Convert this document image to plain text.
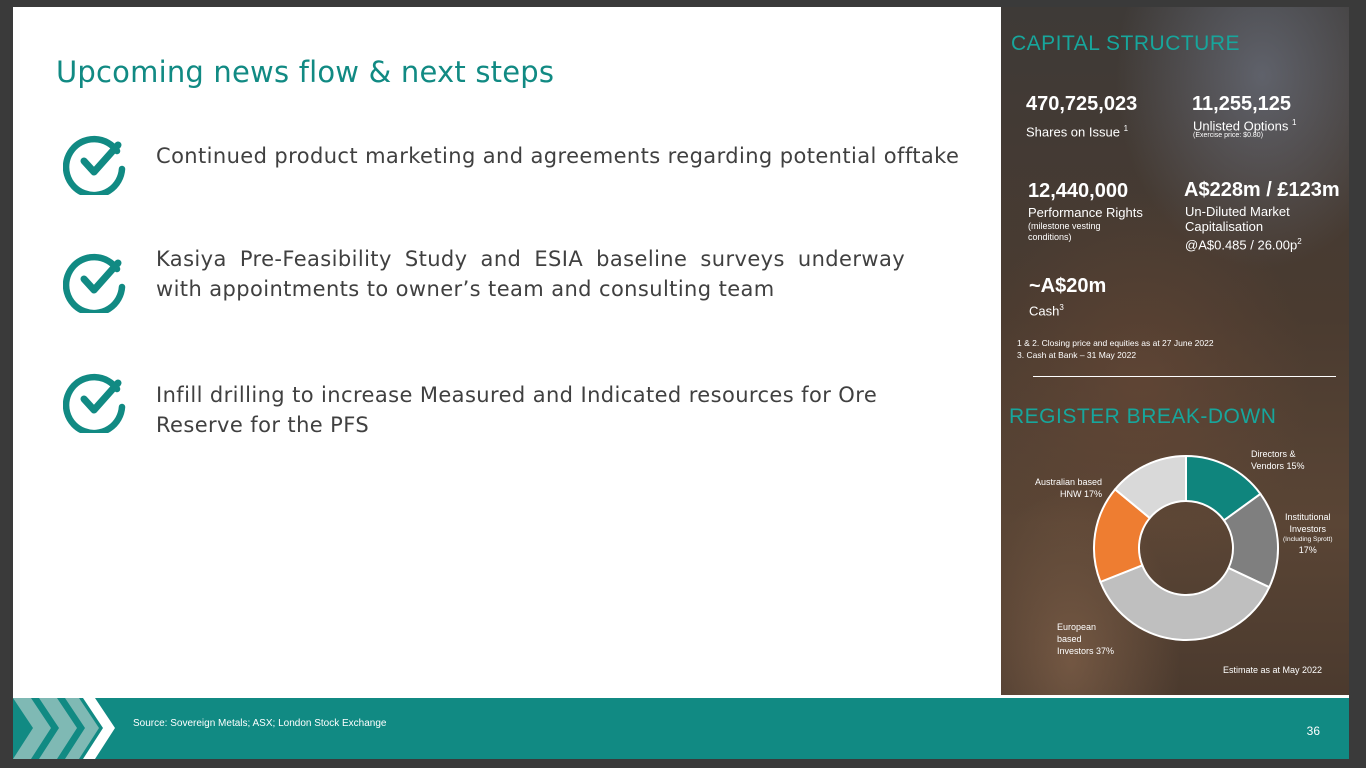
Upcoming news flow & next steps
Continued product marketing and agreements regarding potential offtake
Kasiya Pre-Feasibility Study and ESIA baseline surveys underway
with appointments to owner’s team and consulting team
Infill drilling to increase Measured and Indicated resources for Ore
Reserve for the PFS
CAPITAL STRUCTURE
470,725,023
Shares on Issue $^1$
11,255,125
Unlisted Options $^1$
(Exercise price: $0.80)
12,440,000
Performance Rights
(milestone vesting
conditions)
A$228m / £123m
Un-Diluted Market
Capitalisation
@A$0.485 / $26.00p^2$
~A$20m
Cash$^3$
1 & 2. Closing price and equities as at 27 June 2022
3. Cash at Bank – 31 May 2022
REGISTER BREAK-DOWN
Directors &
Vendors 15%
Institutional
Investors
(Including Sprott)
17%
European
based
Investors 37%
Australian based
HNW 17%
Estimate as at May 2022
Source: Sovereign Metals; ASX; London Stock Exchange
36
